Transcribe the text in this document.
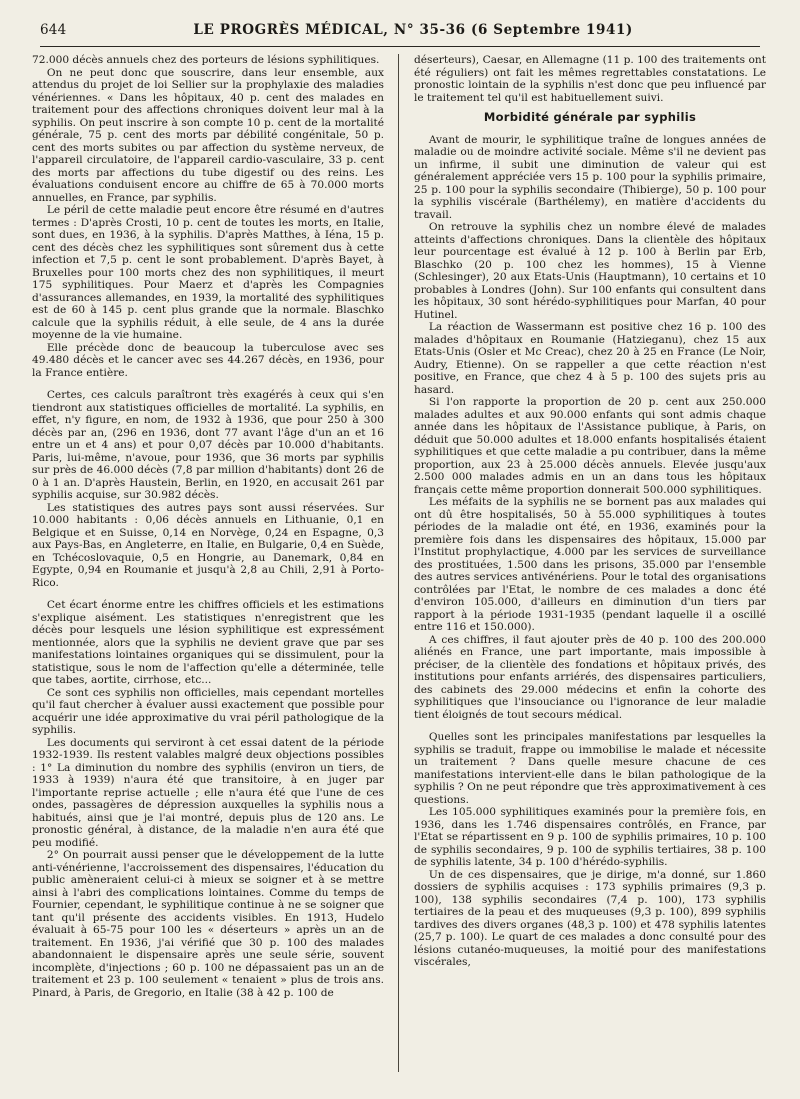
644	LE PROGRÈS MÉDICAL, N° 35-36 (6 Septembre 1941)

72.000 décès annuels chez des porteurs de lésions syphilitiques.

On ne peut donc que souscrire, dans leur ensemble, aux attendus du projet de loi Sellier sur la prophylaxie des maladies vénériennes. « Dans les hôpitaux, 40 p. cent des malades en traitement pour des affections chroniques doivent leur mal à la syphilis. On peut inscrire à son compte 10 p. cent de la mortalité générale, 75 p. cent des morts par débilité congénitale, 50 p. cent des morts subites ou par affection du système nerveux, de l'appareil circulatoire, de l'appareil cardio-vasculaire, 33 p. cent des morts par affections du tube digestif ou des reins. Les évaluations conduisent encore au chiffre de 65 à 70.000 morts annuelles, en France, par syphilis.

Le péril de cette maladie peut encore être résumé en d'autres termes : D'après Crosti, 10 p. cent de toutes les morts, en Italie, sont dues, en 1936, à la syphilis. D'après Matthes, à Iéna, 15 p. cent des décès chez les syphilitiques sont sûrement dus à cette infection et 7,5 p. cent le sont probablement. D'après Bayet, à Bruxelles pour 100 morts chez des non syphilitiques, il meurt 175 syphilitiques. Pour Maerz et d'après les Compagnies d'assurances allemandes, en 1939, la mortalité des syphilitiques est de 60 à 145 p. cent plus grande que la normale. Blaschko calcule que la syphilis réduit, à elle seule, de 4 ans la durée moyenne de la vie humaine.

Elle précède donc de beaucoup la tuberculose avec ses 49.480 décès et le cancer avec ses 44.267 décès, en 1936, pour la France entière.

Certes, ces calculs paraîtront très exagérés à ceux qui s'en tiendront aux statistiques officielles de mortalité. La syphilis, en effet, n'y figure, en nom, de 1932 à 1936, que pour 250 à 300 décès par an, (296 en 1936, dont 77 avant l'âge d'un an et 16 entre un et 4 ans) et pour 0,07 décès par 10.000 d'habitants. Paris, lui-même, n'avoue, pour 1936, que 36 morts par syphilis sur près de 46.000 décès (7,8 par million d'habitants) dont 26 de 0 à 1 an. D'après Haustein, Berlin, en 1920, en accusait 261 par syphilis acquise, sur 30.982 décès.

Les statistiques des autres pays sont aussi réservées. Sur 10.000 habitants : 0,06 décès annuels en Lithuanie, 0,1 en Belgique et en Suisse, 0,14 en Norvège, 0,24 en Espagne, 0,3 aux Pays-Bas, en Angleterre, en Italie, en Bulgarie, 0,4 en Suède, en Tchécoslovaquie, 0,5 en Hongrie, au Danemark, 0,84 en Egypte, 0,94 en Roumanie et jusqu'à 2,8 au Chili, 2,91 à Porto-Rico.

Cet écart énorme entre les chiffres officiels et les estimations s'explique aisément. Les statistiques n'enregistrent que les décès pour lesquels une lésion syphilitique est expressément mentionnée, alors que la syphilis ne devient grave que par ses manifestations lointaines organiques qui se dissimulent, pour la statistique, sous le nom de l'affection qu'elle a déterminée, telle que tabes, aortite, cirrhose, etc...

Ce sont ces syphilis non officielles, mais cependant mortelles qu'il faut chercher à évaluer aussi exactement que possible pour acquérir une idée approximative du vrai péril pathologique de la syphilis.

Les documents qui serviront à cet essai datent de la période 1932-1939. Ils restent valables malgré deux objections possibles : 1° La diminution du nombre des syphilis (environ un tiers, de 1933 à 1939) n'aura été que transitoire, à en juger par l'importante reprise actuelle ; elle n'aura été que l'une de ces ondes, passagères de dépression auxquelles la syphilis nous a habitués, ainsi que je l'ai montré, depuis plus de 120 ans. Le pronostic général, à distance, de la maladie n'en aura été que peu modifié.

2° On pourrait aussi penser que le développement de la lutte anti-vénérienne, l'accroissement des dispensaires, l'éducation du public amèneraient celui-ci à mieux se soigner et à se mettre ainsi à l'abri des complications lointaines. Comme du temps de Fournier, cependant, le syphilitique continue à ne se soigner que tant qu'il présente des accidents visibles. En 1913, Hudelo évaluait à 65-75 pour 100 les « déserteurs » après un an de traitement. En 1936, j'ai vérifié que 30 p. 100 des malades abandonnaient le dispensaire après une seule série, souvent incomplète, d'injections ; 60 p. 100 ne dépassaient pas un an de traitement et 23 p. 100 seulement « tenaient » plus de trois ans. Pinard, à Paris, de Gregorio, en Italie (38 à 42 p. 100 de

déserteurs), Caesar, en Allemagne (11 p. 100 des traitements ont été réguliers) ont fait les mêmes regrettables constatations. Le pronostic lointain de la syphilis n'est donc que peu influencé par le traitement tel qu'il est habituellement suivi.

Morbidité générale par syphilis

Avant de mourir, le syphilitique traîne de longues années de maladie ou de moindre activité sociale. Même s'il ne devient pas un infirme, il subit une diminution de valeur qui est généralement appréciée vers 15 p. 100 pour la syphilis primaire, 25 p. 100 pour la syphilis secondaire (Thibierge), 50 p. 100 pour la syphilis viscérale (Barthélemy), en matière d'accidents du travail.

On retrouve la syphilis chez un nombre élevé de malades atteints d'affections chroniques. Dans la clientèle des hôpitaux leur pourcentage est évalué à 12 p. 100 à Berlin par Erb, Blaschko (20 p. 100 chez les hommes), 15 à Vienne (Schlesinger), 20 aux Etats-Unis (Hauptmann), 10 certains et 10 probables à Londres (John). Sur 100 enfants qui consultent dans les hôpitaux, 30 sont hérédo-syphilitiques pour Marfan, 40 pour Hutinel.

La réaction de Wassermann est positive chez 16 p. 100 des malades d'hôpitaux en Roumanie (Hatzieganu), chez 15 aux Etats-Unis (Osler et Mc Creac), chez 20 à 25 en France (Le Noir, Audry, Etienne). On se rappeller a que cette réaction n'est positive, en France, que chez 4 à 5 p. 100 des sujets pris au hasard.

Si l'on rapporte la proportion de 20 p. cent aux 250.000 malades adultes et aux 90.000 enfants qui sont admis chaque année dans les hôpitaux de l'Assistance publique, à Paris, on déduit que 50.000 adultes et 18.000 enfants hospitalisés étaient syphilitiques et que cette maladie a pu contribuer, dans la même proportion, aux 23 à 25.000 décès annuels. Elevée jusqu'aux 2.500 000 malades admis en un an dans tous les hôpitaux français cette même proportion donnerait 500.000 syphilitiques.

Les méfaits de la syphilis ne se bornent pas aux malades qui ont dû être hospitalisés, 50 à 55.000 syphilitiques à toutes périodes de la maladie ont été, en 1936, examinés pour la première fois dans les dispensaires des hôpitaux, 15.000 par l'Institut prophylactique, 4.000 par les services de surveillance des prostituées, 1.500 dans les prisons, 35.000 par l'ensemble des autres services antivénériens. Pour le total des organisations contrôlées par l'Etat, le nombre de ces malades a donc été d'environ 105.000, d'ailleurs en diminution d'un tiers par rapport à la période 1931-1935 (pendant laquelle il a oscillé entre 116 et 150.000).

A ces chiffres, il faut ajouter près de 40 p. 100 des 200.000 aliénés en France, une part importante, mais impossible à préciser, de la clientèle des fondations et hôpitaux privés, des institutions pour enfants arriérés, des dispensaires particuliers, des cabinets des 29.000 médecins et enfin la cohorte des syphilitiques que l'insouciance ou l'ignorance de leur maladie tient éloignés de tout secours médical.

Quelles sont les principales manifestations par lesquelles la syphilis se traduit, frappe ou immobilise le malade et nécessite un traitement ? Dans quelle mesure chacune de ces manifestations intervient-elle dans le bilan pathologique de la syphilis ? On ne peut répondre que très approximativement à ces questions.

Les 105.000 syphilitiques examinés pour la première fois, en 1936, dans les 1.746 dispensaires contrôlés, en France, par l'Etat se répartissent en 9 p. 100 de syphilis primaires, 10 p. 100 de syphilis secondaires, 9 p. 100 de syphilis tertiaires, 38 p. 100 de syphilis latente, 34 p. 100 d'hérédo-syphilis.

Un de ces dispensaires, que je dirige, m'a donné, sur 1.860 dossiers de syphilis acquises : 173 syphilis primaires (9,3 p. 100), 138 syphilis secondaires (7,4 p. 100), 173 syphilis tertiaires de la peau et des muqueuses (9,3 p. 100), 899 syphilis tardives des divers organes (48,3 p. 100) et 478 syphilis latentes (25,7 p. 100). Le quart de ces malades a donc consulté pour des lésions cutanéo-muqueuses, la moitié pour des manifestations viscérales,
